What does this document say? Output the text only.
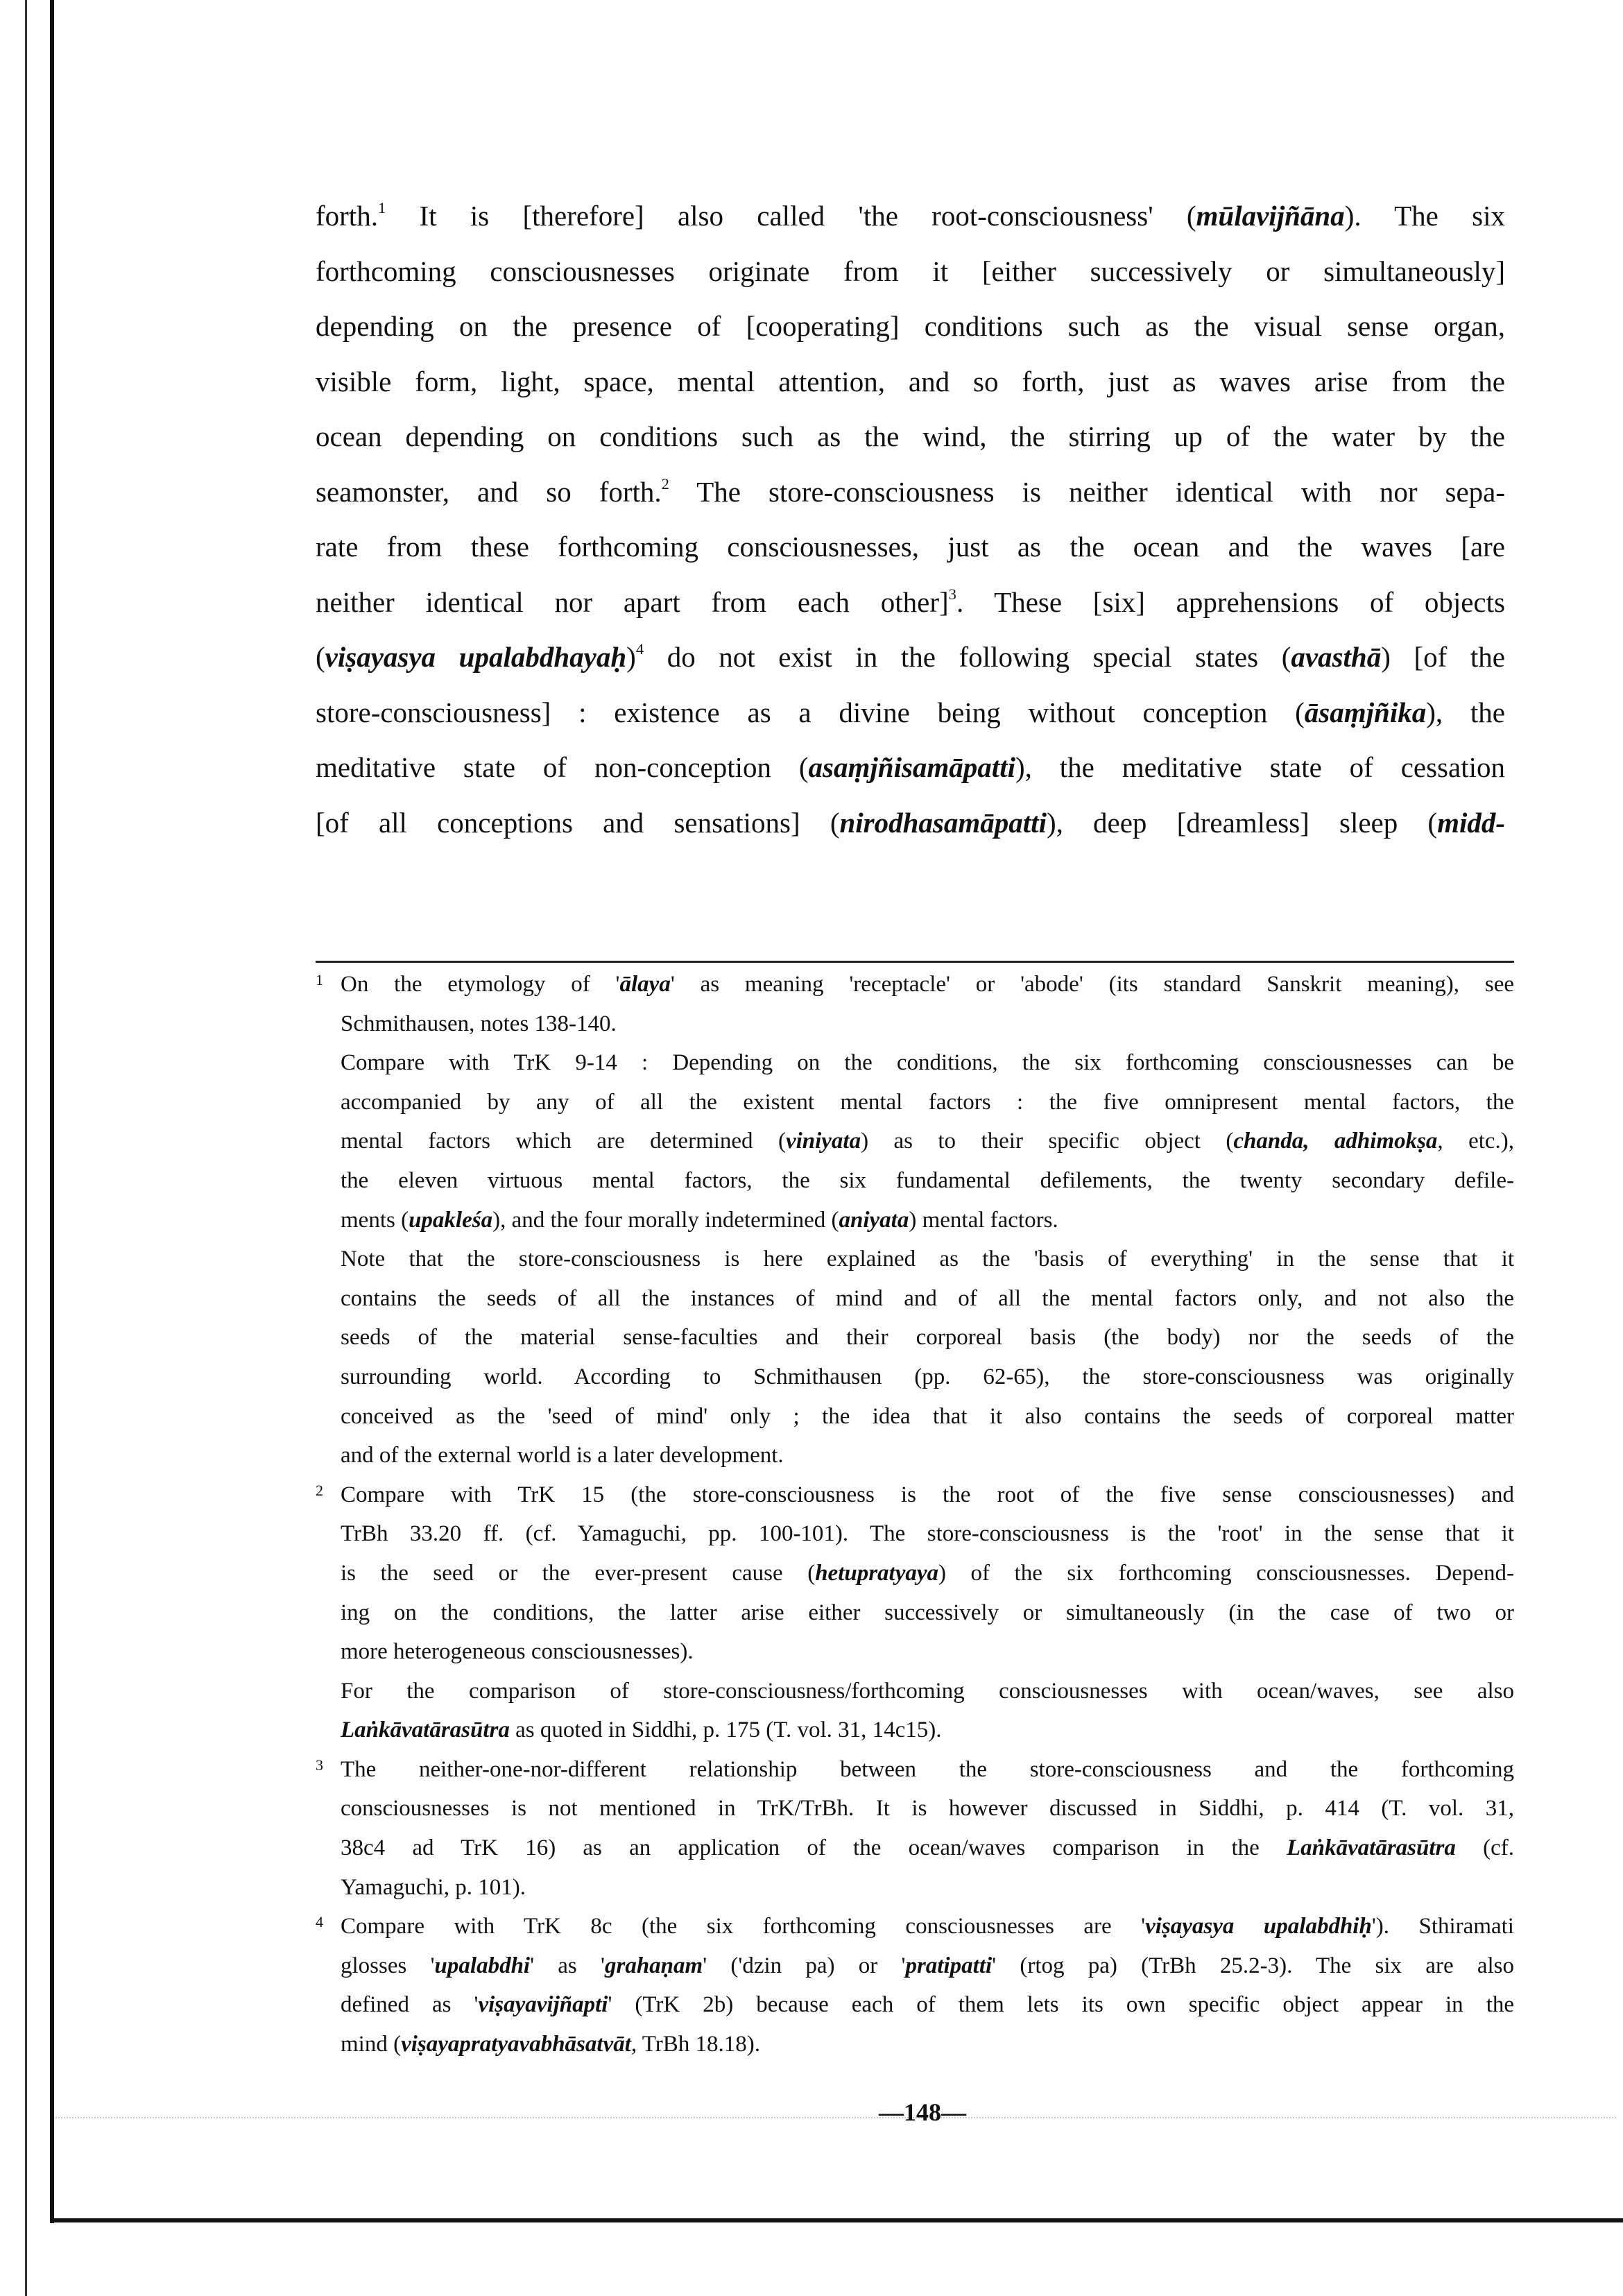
forth.$^1$ It is [therefore] also called 'the root-consciousness' (mūlavijñāna). The six
forthcoming consciousnesses originate from it [either successively or simultaneously]
depending on the presence of [cooperating] conditions such as the visual sense organ,
visible form, light, space, mental attention, and so forth, just as waves arise from the
ocean depending on conditions such as the wind, the stirring up of the water by the
seamonster, and so forth.$^2$ The store-consciousness is neither identical with nor sepa-
rate from these forthcoming consciousnesses, just as the ocean and the waves [are
neither identical nor apart from each other]$^3$. These [six] apprehensions of objects
(viṣayasya upalabdhayaḥ)$^4$ do not exist in the following special states (avasthā) [of the
store-consciousness] : existence as a divine being without conception (āsaṃjñika), the
meditative state of non-conception (asaṃjñisamāpatti), the meditative state of cessation
[of all conceptions and sensations] (nirodhasamāpatti), deep [dreamless] sleep (midd-
1 On the etymology of 'ālaya' as meaning 'receptacle' or 'abode' (its standard Sanskrit meaning), see
Schmithausen, notes 138-140.
Compare with TrK 9-14 : Depending on the conditions, the six forthcoming consciousnesses can be
accompanied by any of all the existent mental factors : the five omnipresent mental factors, the
mental factors which are determined (viniyata) as to their specific object (chanda, adhimokṣa, etc.),
the eleven virtuous mental factors, the six fundamental defilements, the twenty secondary defile-
ments (upakleśa), and the four morally indetermined (aniyata) mental factors.
Note that the store-consciousness is here explained as the 'basis of everything' in the sense that it
contains the seeds of all the instances of mind and of all the mental factors only, and not also the
seeds of the material sense-faculties and their corporeal basis (the body) nor the seeds of the
surrounding world. According to Schmithausen (pp. 62-65), the store-consciousness was originally
conceived as the 'seed of mind' only ; the idea that it also contains the seeds of corporeal matter
and of the external world is a later development.
2 Compare with TrK 15 (the store-consciousness is the root of the five sense consciousnesses) and
TrBh 33.20 ff. (cf. Yamaguchi, pp. 100-101). The store-consciousness is the 'root' in the sense that it
is the seed or the ever-present cause (hetupratyaya) of the six forthcoming consciousnesses. Depend-
ing on the conditions, the latter arise either successively or simultaneously (in the case of two or
more heterogeneous consciousnesses).
For the comparison of store-consciousness/forthcoming consciousnesses with ocean/waves, see also
Laṅkāvatārasūtra as quoted in Siddhi, p. 175 (T. vol. 31, 14c15).
3 The neither-one-nor-different relationship between the store-consciousness and the forthcoming
consciousnesses is not mentioned in TrK/TrBh. It is however discussed in Siddhi, p. 414 (T. vol. 31,
38c4 ad TrK 16) as an application of the ocean/waves comparison in the Laṅkāvatārasūtra (cf.
Yamaguchi, p. 101).
4 Compare with TrK 8c (the six forthcoming consciousnesses are 'viṣayasya upalabdhiḥ'). Sthiramati
glosses 'upalabdhi' as 'grahaṇam' ('dzin pa) or 'pratipatti' (rtog pa) (TrBh 25.2-3). The six are also
defined as 'viṣayavijñapti' (TrK 2b) because each of them lets its own specific object appear in the
mind (viṣayapratyavabhāsatvāt, TrBh 18.18).
—148—
